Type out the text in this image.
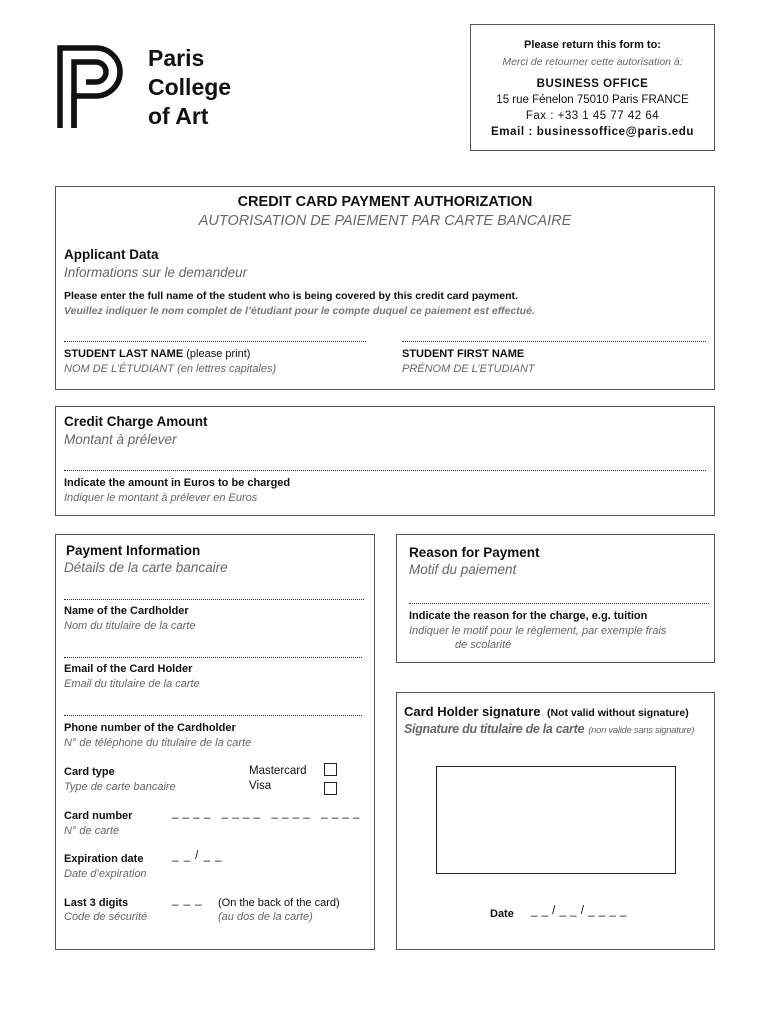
Paris
College
of Art
Please return this form to:
Merci de retourner cette autorisation à:
BUSINESS OFFICE
15 rue Fénelon 75010 Paris FRANCE
Fax : +33 1 45 77 42 64
Email : businessoffice@paris.edu
CREDIT CARD PAYMENT AUTHORIZATION
AUTORISATION DE PAIEMENT PAR CARTE BANCAIRE
Applicant Data
Informations sur le demandeur
Please enter the full name of the student who is being covered by this credit card payment.
Veuillez indiquer le nom complet de l’étudiant pour le compte duquel ce paiement est effectué.
STUDENT LAST NAME (please print)
NOM DE L’ÉTUDIANT (en lettres capitales)
STUDENT FIRST NAME
PRÉNOM DE L’ETUDIANT
Credit Charge Amount
Montant à prélever
Indicate the amount in Euros to be charged
Indiquer le montant à prélever en Euros
Payment Information
Détails de la carte bancaire
Name of the Cardholder
Nom du titulaire de la carte
Email of the Card Holder
Email du titulaire de la carte
Phone number of the Cardholder
N° de téléphone du titulaire de la carte
Card type
Type de carte bancaire
Mastercard
Visa
Card number
N° de carte
_ _ _ _   _ _ _ _   _ _ _ _   _ _ _ _
Expiration date
Date d’expiration
_ _ / _ _
Last 3 digits
Code de sécurité
_ _ _ (On the back of the card)
(au dos de la carte)
Reason for Payment
Motif du paiement
Indicate the reason for the charge, e.g. tuition
Indiquer le motif pour le règlement, par exemple frais
de scolarité
Card Holder signature (Not valid without signature)
Signature du titulaire de la carte (non valide sans signature)
Date _ _ / _ _ / _ _ _ _
